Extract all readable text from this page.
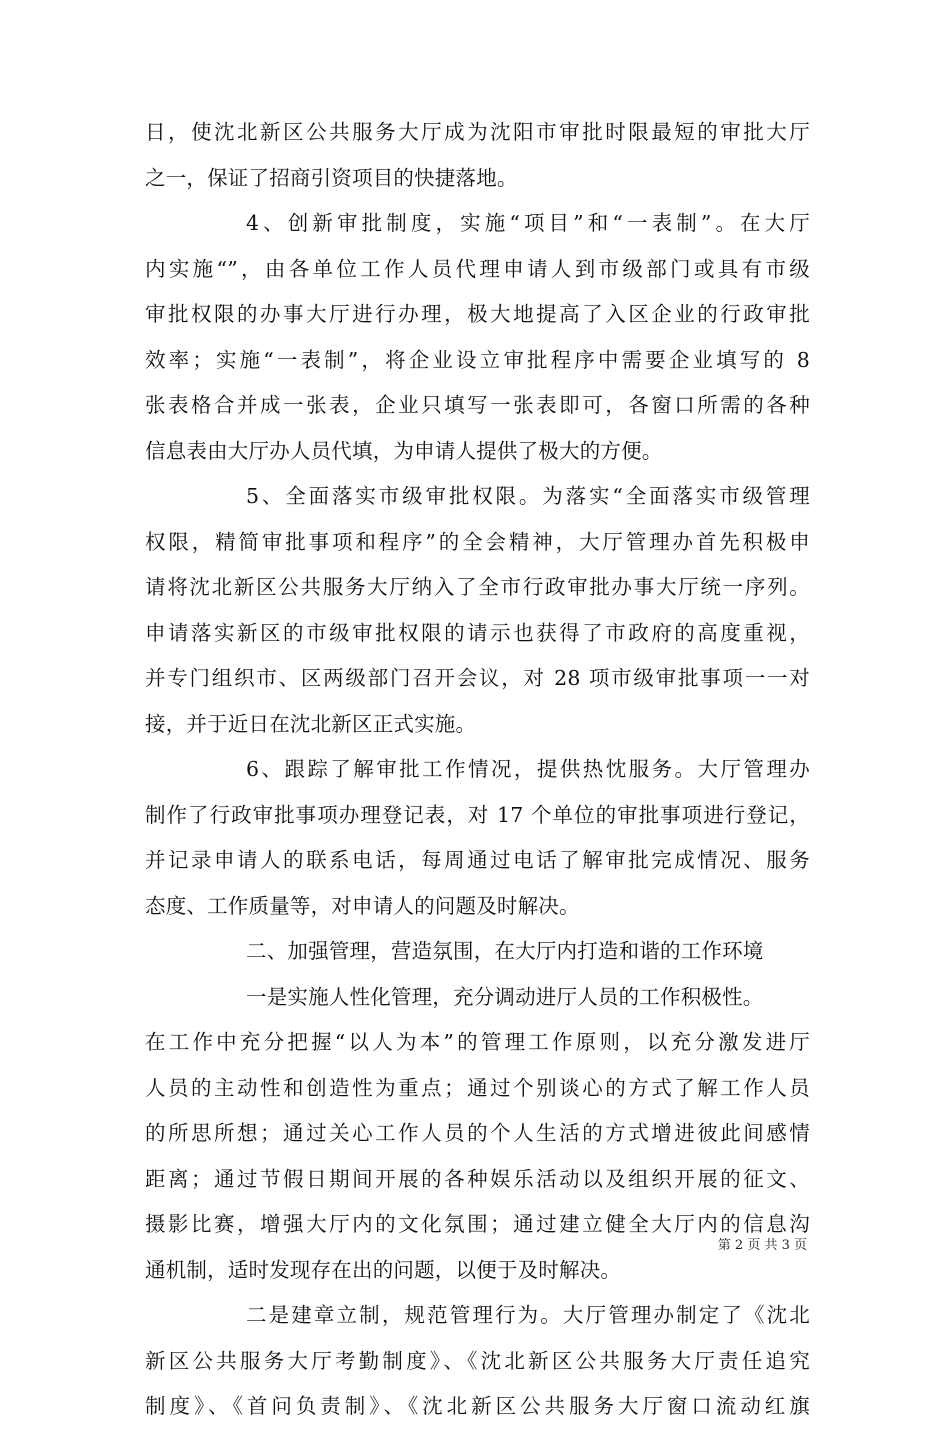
日，使沈北新区公共服务大厅成为沈阳市审批时限最短的审批大厅
之一，保证了招商引资项目的快捷落地。
4、创新审批制度，实施“项目”和“一表制”。在大厅
内实施“”，由各单位工作人员代理申请人到市级部门或具有市级
审批权限的办事大厅进行办理，极大地提高了入区企业的行政审批
效率；实施“一表制”，将企业设立审批程序中需要企业填写的 8
张表格合并成一张表，企业只填写一张表即可，各窗口所需的各种
信息表由大厅办人员代填，为申请人提供了极大的方便。
5、全面落实市级审批权限。为落实“全面落实市级管理
权限，精简审批事项和程序”的全会精神，大厅管理办首先积极申
请将沈北新区公共服务大厅纳入了全市行政审批办事大厅统一序列。
申请落实新区的市级审批权限的请示也获得了市政府的高度重视，
并专门组织市、区两级部门召开会议，对 28 项市级审批事项一一对
接，并于近日在沈北新区正式实施。
6、跟踪了解审批工作情况，提供热忱服务。大厅管理办
制作了行政审批事项办理登记表，对 17 个单位的审批事项进行登记，
并记录申请人的联系电话，每周通过电话了解审批完成情况、服务
态度、工作质量等，对申请人的问题及时解决。
二、加强管理，营造氛围，在大厅内打造和谐的工作环境
一是实施人性化管理，充分调动进厅人员的工作积极性。
在工作中充分把握“以人为本”的管理工作原则，以充分激发进厅
人员的主动性和创造性为重点；通过个别谈心的方式了解工作人员
的所思所想；通过关心工作人员的个人生活的方式增进彼此间感情
距离；通过节假日期间开展的各种娱乐活动以及组织开展的征文、
摄影比赛，增强大厅内的文化氛围；通过建立健全大厅内的信息沟
通机制，适时发现存在出的问题，以便于及时解决。
二是建章立制，规范管理行为。大厅管理办制定了《沈北
新区公共服务大厅考勤制度》、《沈北新区公共服务大厅责任追究
制度》、《首问负责制》、《沈北新区公共服务大厅窗口流动红旗
第 2 页 共 3 页
